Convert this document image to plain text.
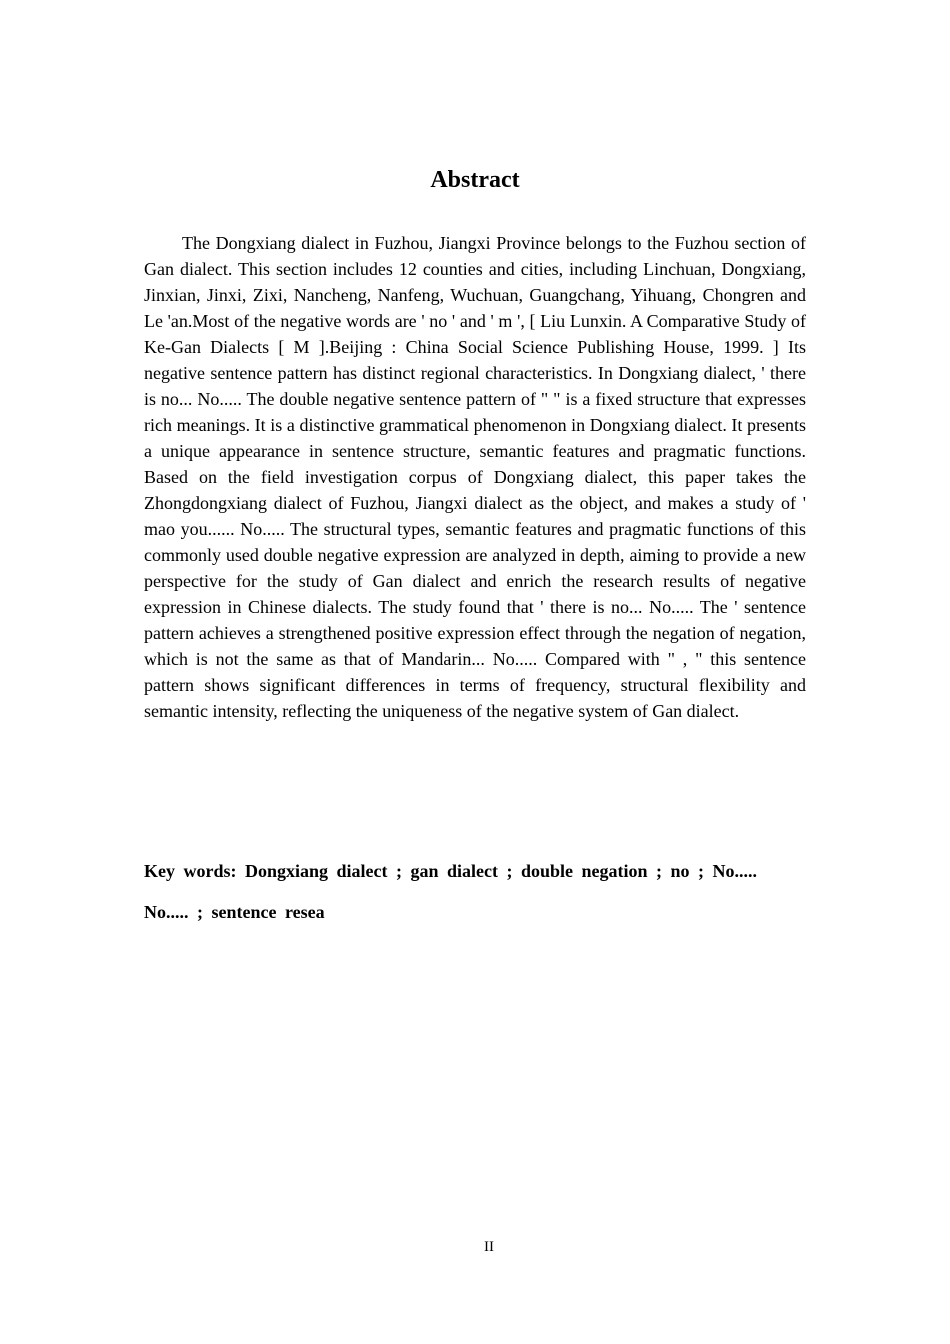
Abstract

The Dongxiang dialect in Fuzhou, Jiangxi Province belongs to the Fuzhou section of Gan dialect. This section includes 12 counties and cities, including Linchuan, Dongxiang, Jinxian, Jinxi, Zixi, Nancheng, Nanfeng, Wuchuan, Guangchang, Yihuang, Chongren and Le 'an.Most of the negative words are ' no ' and ' m ', [ Liu Lunxin. A Comparative Study of Ke-Gan Dialects [ M ].Beijing : China Social Science Publishing House, 1999. ] Its negative sentence pattern has distinct regional characteristics. In Dongxiang dialect, ' there is no... No..... The double negative sentence pattern of " " is a fixed structure that expresses rich meanings. It is a distinctive grammatical phenomenon in Dongxiang dialect. It presents a unique appearance in sentence structure, semantic features and pragmatic functions. Based on the field investigation corpus of Dongxiang dialect, this paper takes the Zhongdongxiang dialect of Fuzhou, Jiangxi dialect as the object, and makes a study of ' mao you...... No..... The structural types, semantic features and pragmatic functions of this commonly used double negative expression are analyzed in depth, aiming to provide a new perspective for the study of Gan dialect and enrich the research results of negative expression in Chinese dialects. The study found that ' there is no... No..... The ' sentence pattern achieves a strengthened positive expression effect through the negation of negation, which is not the same as that of Mandarin... No..... Compared with " , " this sentence pattern shows significant differences in terms of frequency, structural flexibility and semantic intensity, reflecting the uniqueness of the negative system of Gan dialect.

Key words: Dongxiang dialect ; gan dialect ; double negation ; no ; No..... No..... ; sentence resea

II
